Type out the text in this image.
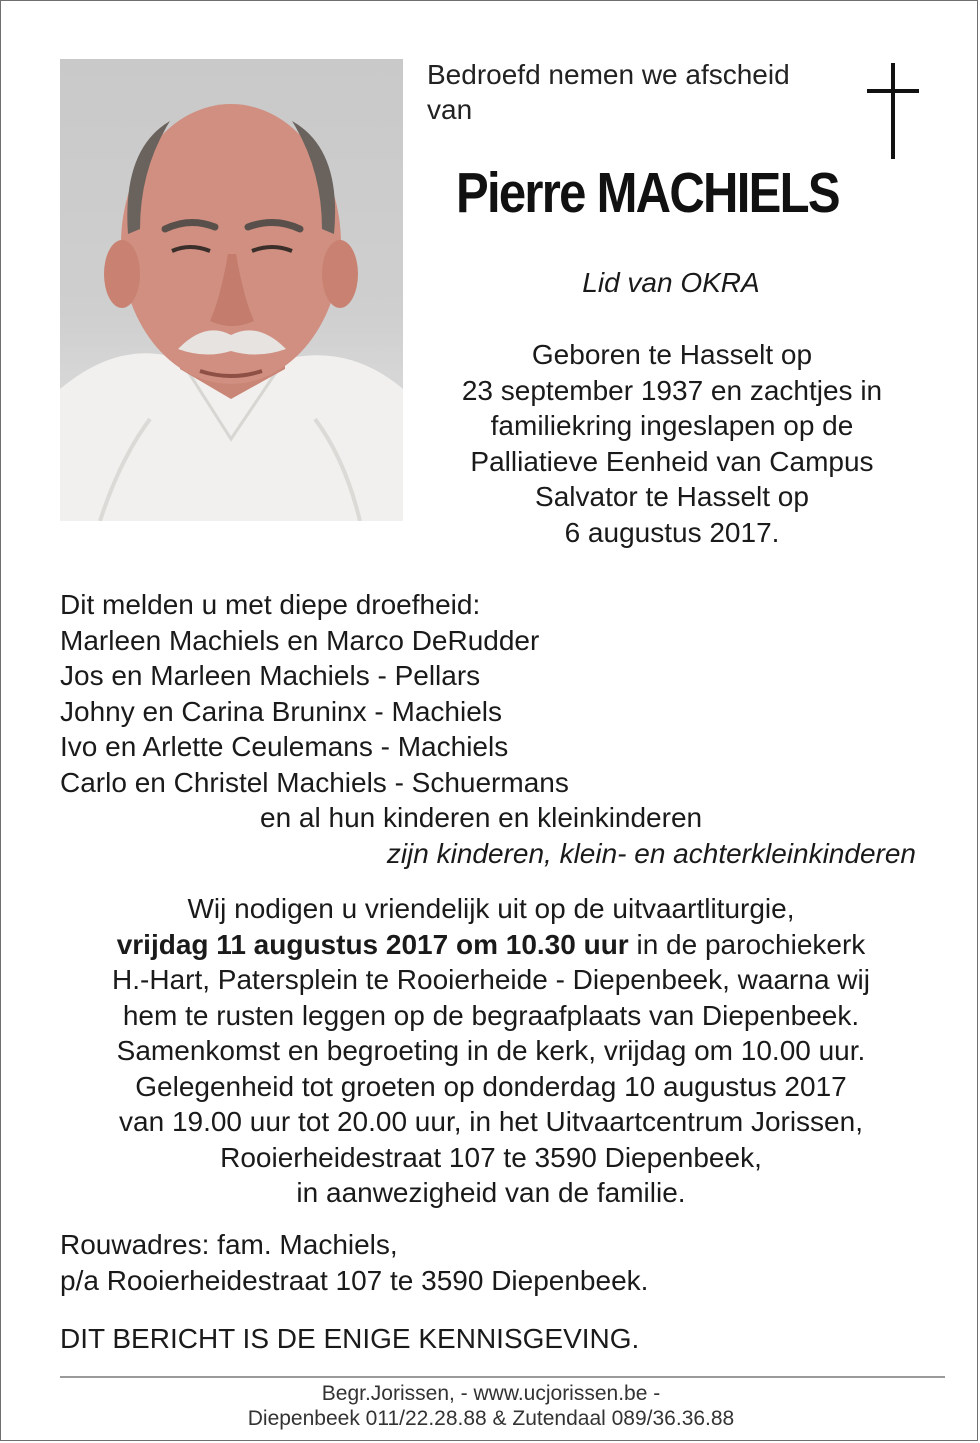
Bedroefd nemen we afscheid
van
Pierre MACHIELS
Lid van OKRA
Geboren te Hasselt op
23 september 1937 en zachtjes in
familiekring ingeslapen op de
Palliatieve Eenheid van Campus
Salvator te Hasselt op
6 augustus 2017.
Dit melden u met diepe droefheid:
Marleen Machiels en Marco DeRudder
Jos en Marleen Machiels - Pellars
Johny en Carina Bruninx - Machiels
Ivo en Arlette Ceulemans - Machiels
Carlo en Christel Machiels - Schuermans
en al hun kinderen en kleinkinderen
zijn kinderen, klein- en achterkleinkinderen
Wij nodigen u vriendelijk uit op de uitvaartliturgie,
vrijdag 11 augustus 2017 om 10.30 uur in de parochiekerk
H.-Hart, Patersplein te Rooierheide - Diepenbeek, waarna wij
hem te rusten leggen op de begraafplaats van Diepenbeek.
Samenkomst en begroeting in de kerk, vrijdag om 10.00 uur.
Gelegenheid tot groeten op donderdag 10 augustus 2017
van 19.00 uur tot 20.00 uur, in het Uitvaartcentrum Jorissen,
Rooierheidestraat 107 te 3590 Diepenbeek,
in aanwezigheid van de familie.
Rouwadres: fam. Machiels,
p/a Rooierheidestraat 107 te 3590 Diepenbeek.
DIT BERICHT IS DE ENIGE KENNISGEVING.
Begr.Jorissen, - www.ucjorissen.be -
Diepenbeek 011/22.28.88 & Zutendaal 089/36.36.88
